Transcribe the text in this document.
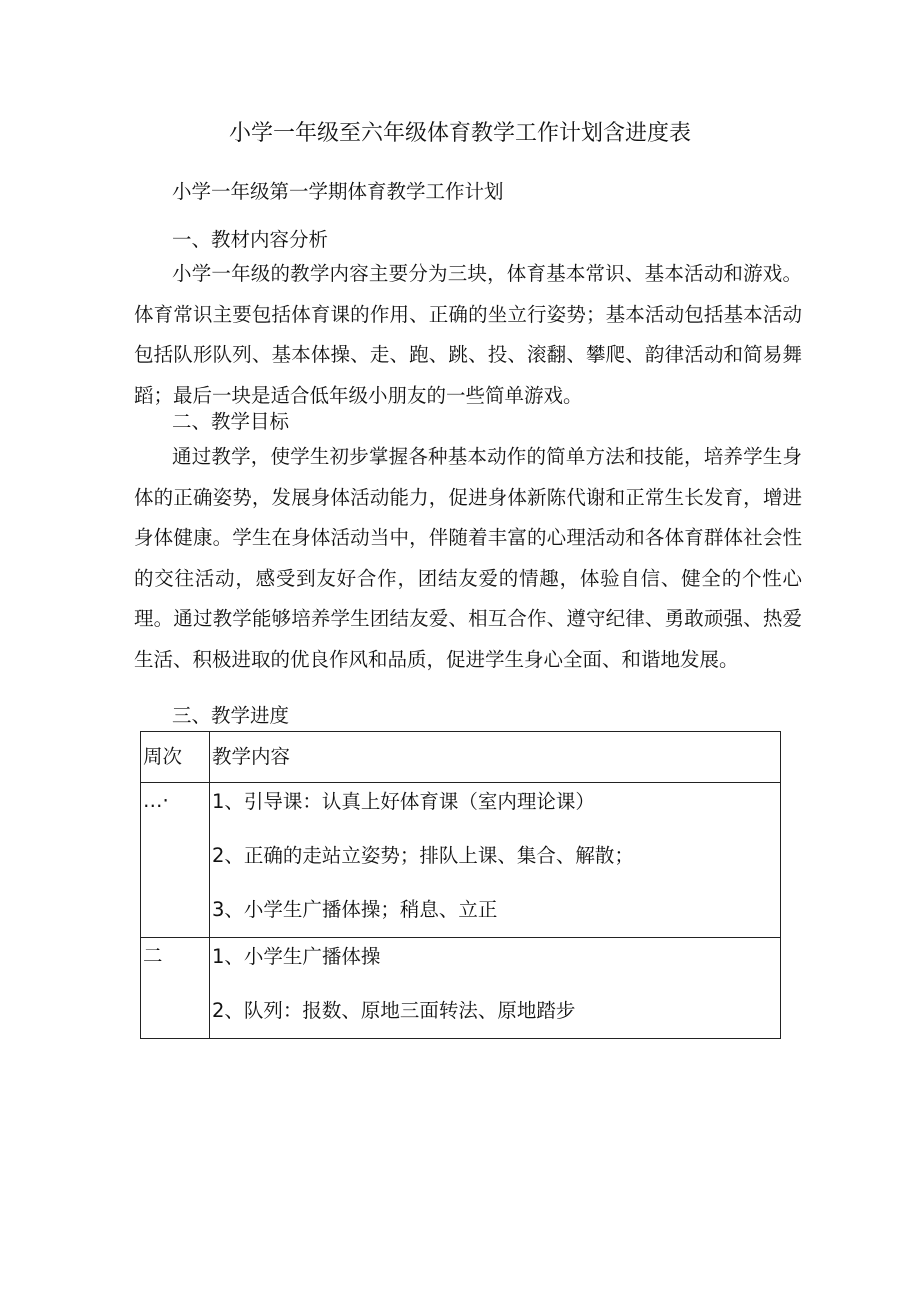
小学一年级至六年级体育教学工作计划含进度表
小学一年级第一学期体育教学工作计划
一、教材内容分析
小学一年级的教学内容主要分为三块，体育基本常识、基本活动和游戏。体育常识主要包括体育课的作用、正确的坐立行姿势；基本活动包括基本活动包括队形队列、基本体操、走、跑、跳、投、滚翻、攀爬、韵律活动和简易舞蹈；最后一块是适合低年级小朋友的一些简单游戏。
二、教学目标
通过教学，使学生初步掌握各种基本动作的简单方法和技能，培养学生身体的正确姿势，发展身体活动能力，促进身体新陈代谢和正常生长发育，增进身体健康。学生在身体活动当中，伴随着丰富的心理活动和各体育群体社会性的交往活动，感受到友好合作，团结友爱的情趣，体验自信、健全的个性心理。通过教学能够培养学生团结友爱、相互合作、遵守纪律、勇敢顽强、热爱生活、积极进取的优良作风和品质，促进学生身心全面、和谐地发展。
三、教学进度
周次	教学内容

…·	1、引导课：认真上好体育课（室内理论课）
2、正确的走站立姿势；排队上课、集合、解散；
3、小学生广播体操；稍息、立正

二	1、小学生广播体操
2、队列：报数、原地三面转法、原地踏步
